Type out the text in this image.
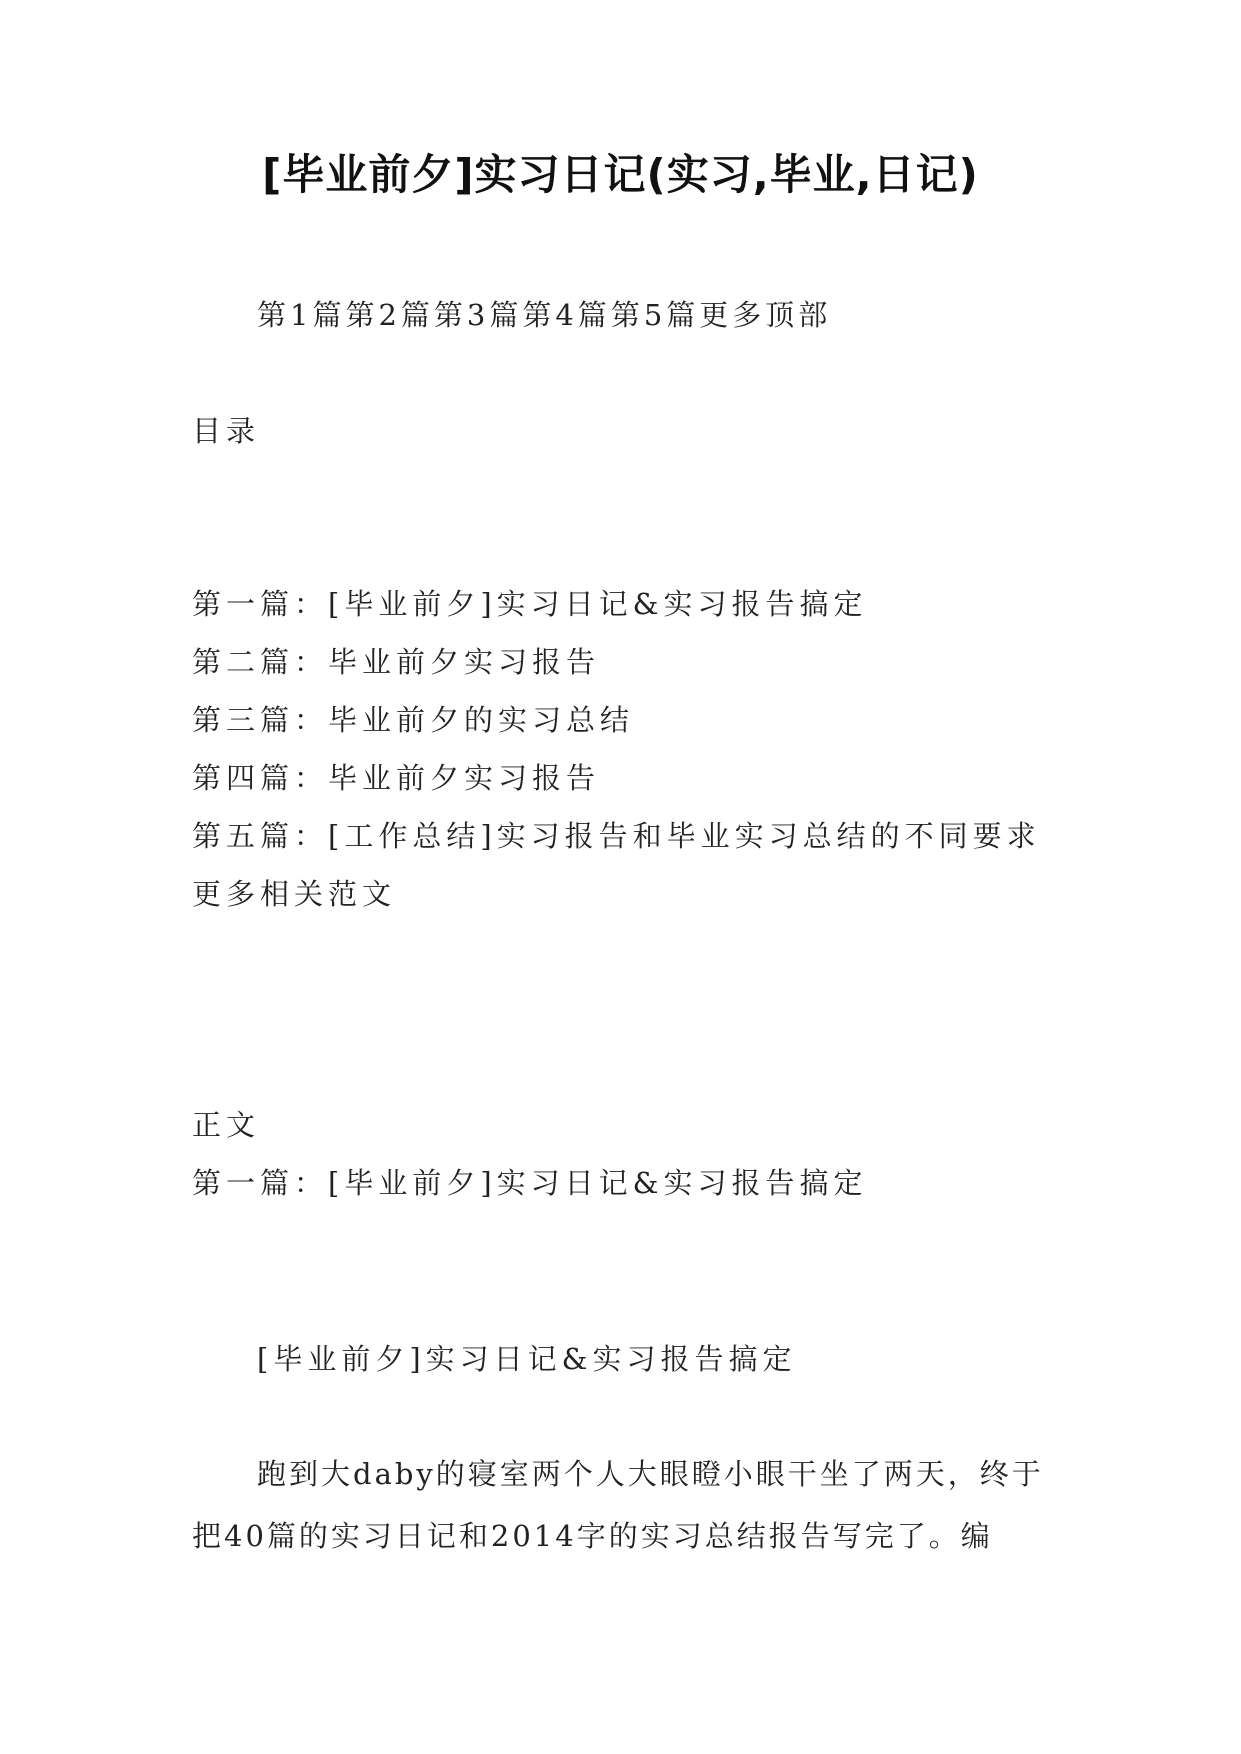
[毕业前夕]实习日记(实习,毕业,日记)
第1篇第2篇第3篇第4篇第5篇更多顶部
目录
第一篇：[毕业前夕]实习日记&实习报告搞定
第二篇：毕业前夕实习报告
第三篇：毕业前夕的实习总结
第四篇：毕业前夕实习报告
第五篇：[工作总结]实习报告和毕业实习总结的不同要求
更多相关范文
正文
第一篇：[毕业前夕]实习日记&实习报告搞定
[毕业前夕]实习日记&实习报告搞定

跑到大daby的寝室两个人大眼瞪小眼干坐了两天，终于把40篇的实习日记和2014字的实习总结报告写完了。编
